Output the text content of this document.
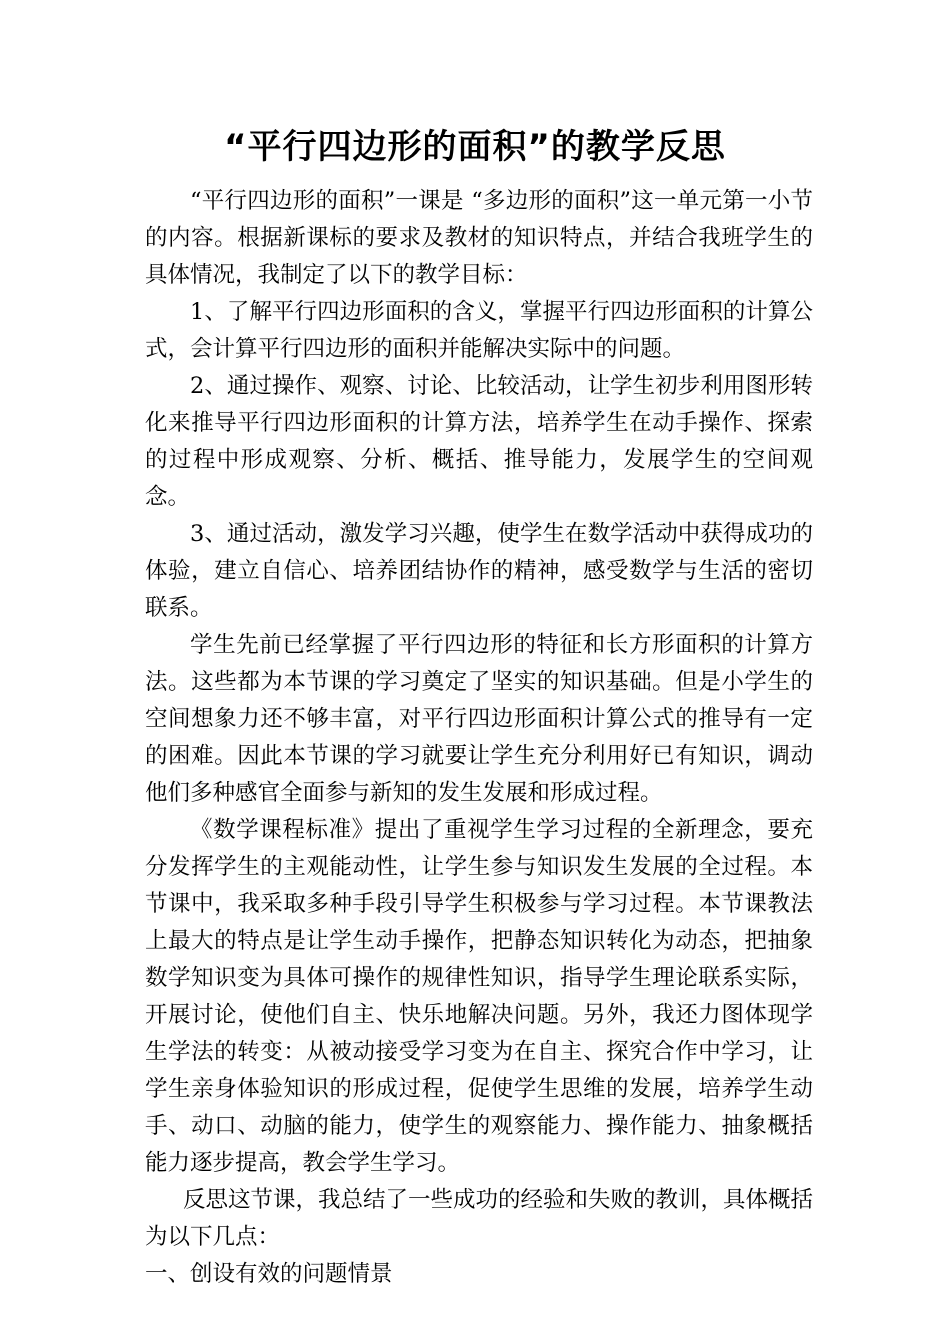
“平行四边形的面积”的教学反思

“平行四边形的面积”一课是 “多边形的面积”这一单元第一小节的内容。根据新课标的要求及教材的知识特点，并结合我班学生的具体情况，我制定了以下的教学目标：

1、了解平行四边形面积的含义，掌握平行四边形面积的计算公式，会计算平行四边形的面积并能解决实际中的问题。

2、通过操作、观察、讨论、比较活动，让学生初步利用图形转化来推导平行四边形面积的计算方法，培养学生在动手操作、探索的过程中形成观察、分析、概括、推导能力，发展学生的空间观念。

3、通过活动，激发学习兴趣，使学生在数学活动中获得成功的体验，建立自信心、培养团结协作的精神，感受数学与生活的密切联系。

学生先前已经掌握了平行四边形的特征和长方形面积的计算方法。这些都为本节课的学习奠定了坚实的知识基础。但是小学生的空间想象力还不够丰富，对平行四边形面积计算公式的推导有一定的困难。因此本节课的学习就要让学生充分利用好已有知识，调动他们多种感官全面参与新知的发生发展和形成过程。

《数学课程标准》提出了重视学生学习过程的全新理念，要充分发挥学生的主观能动性，让学生参与知识发生发展的全过程。本节课中，我采取多种手段引导学生积极参与学习过程。本节课教法上最大的特点是让学生动手操作，把静态知识转化为动态，把抽象数学知识变为具体可操作的规律性知识，指导学生理论联系实际，开展讨论，使他们自主、快乐地解决问题。另外，我还力图体现学生学法的转变：从被动接受学习变为在自主、探究合作中学习，让学生亲身体验知识的形成过程，促使学生思维的发展，培养学生动手、动口、动脑的能力，使学生的观察能力、操作能力、抽象概括能力逐步提高，教会学生学习。

反思这节课，我总结了一些成功的经验和失败的教训，具体概括为以下几点：

一、创设有效的问题情景
